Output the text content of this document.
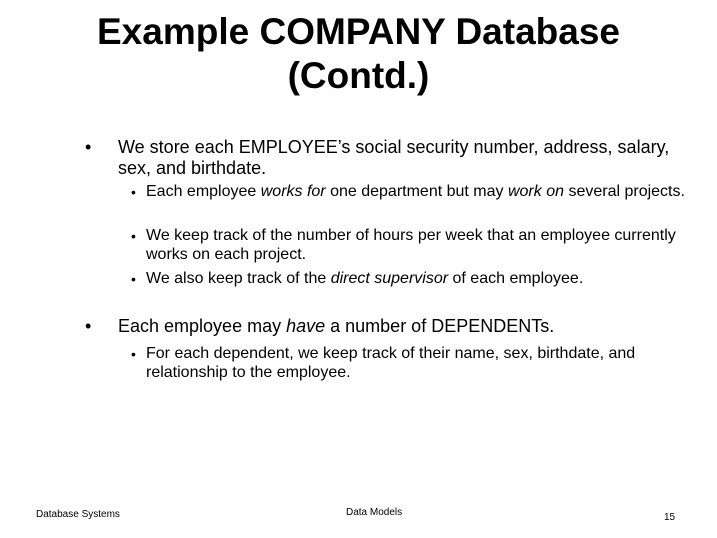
Example COMPANY Database
(Contd.)
• We store each EMPLOYEE’s social security number, address, salary, sex, and birthdate.

• Each employee works for one department but may work on several projects.

• We keep track of the number of hours per week that an employee currently works on each project.

• We also keep track of the direct supervisor of each employee.

• Each employee may have a number of DEPENDENTs.

• For each dependent, we keep track of their name, sex, birthdate, and relationship to the employee.

Database Systems	Data Models	15
